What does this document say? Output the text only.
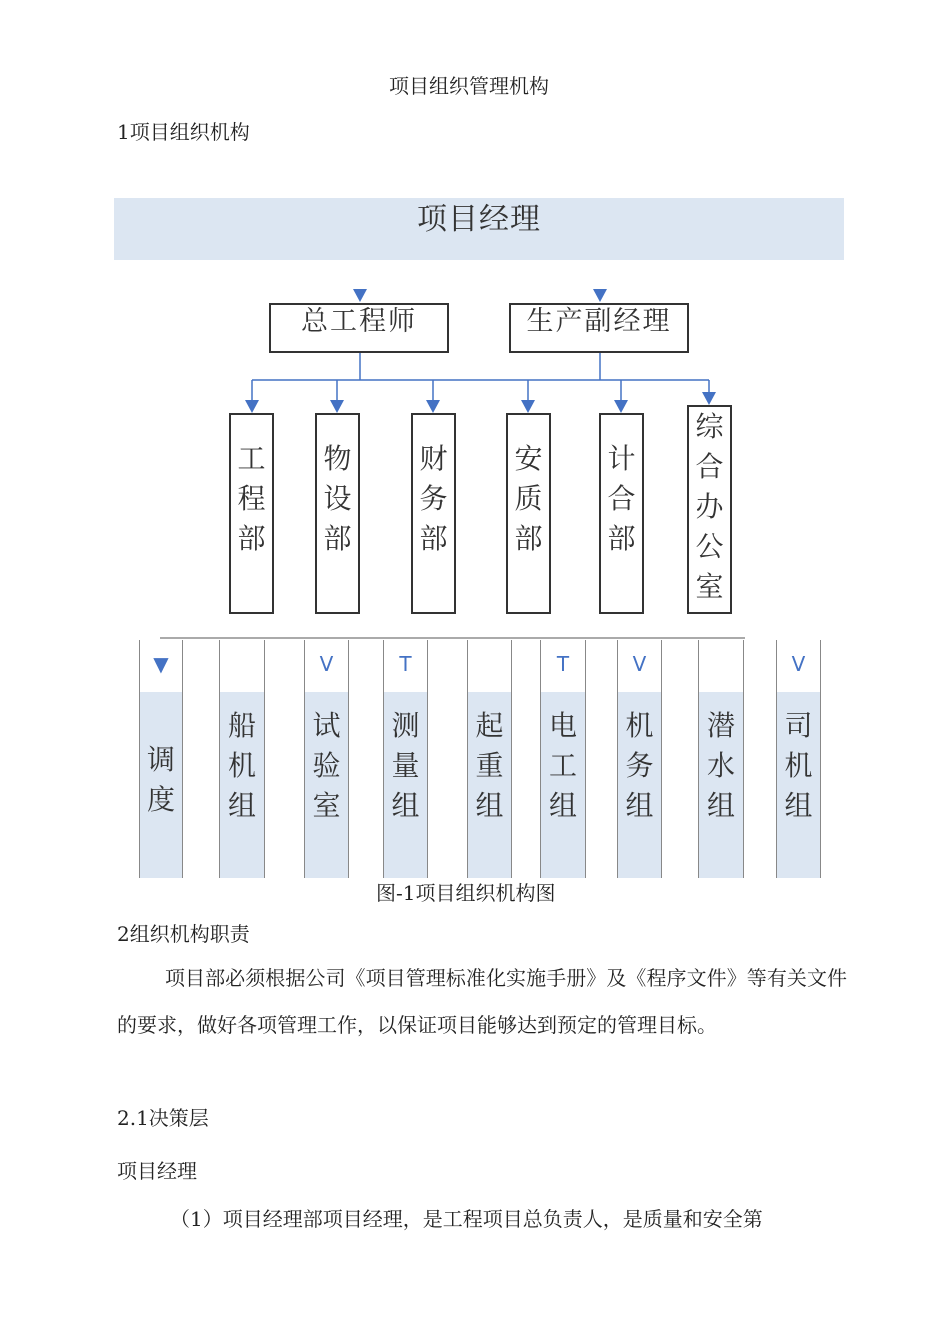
项目组织管理机构
1项目组织机构
项目经理
总工程师	生产副经理
工程部
物设部
财务部
安质部
计合部
综合办公室
▼
调度
船机组
V
试验室
T
测量组
起重组
T
电工组
V
机务组
潜水组
V
司机组
图-1项目组织机构图
2组织机构职责
项目部必须根据公司《项目管理标准化实施手册》及《程序文件》等有关文件的要求，做好各项管理工作，以保证项目能够达到预定的管理目标。
2.1决策层
项目经理
（1）项目经理部项目经理，是工程项目总负责人，是质量和安全第
